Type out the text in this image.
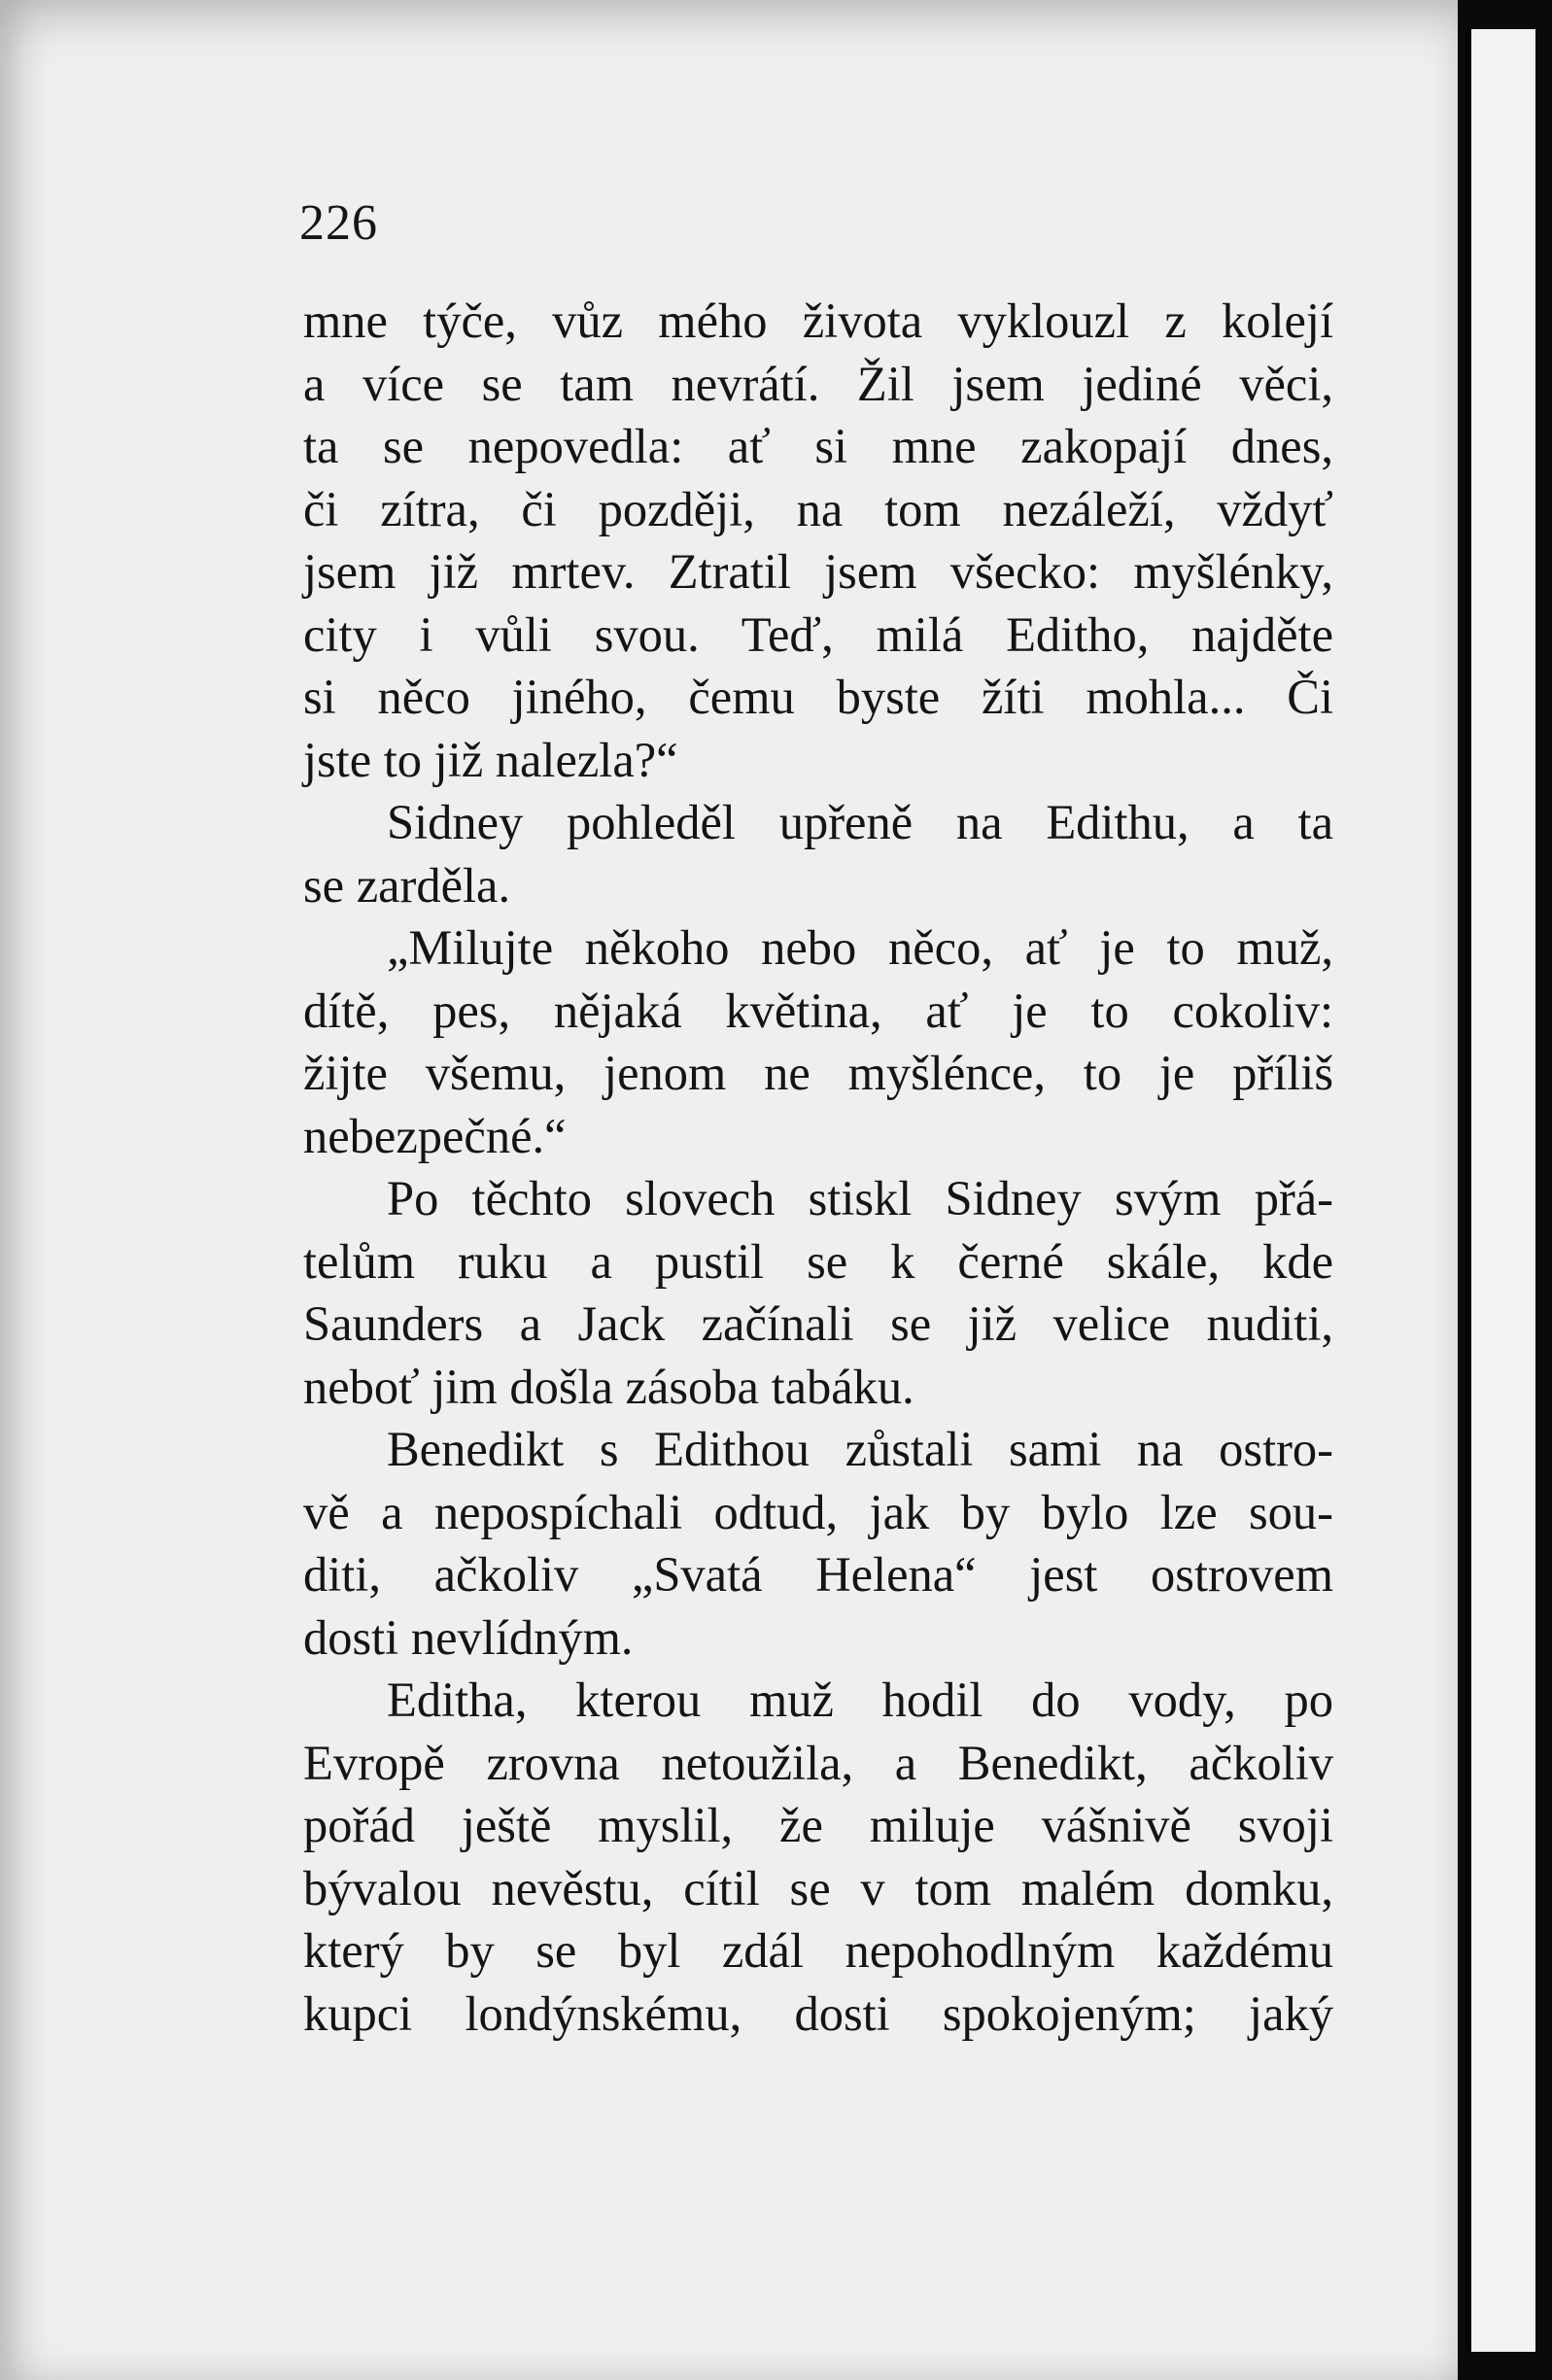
226
mne týče, vůz mého života vyklouzl z kolejí
a více se tam nevrátí. Žil jsem jediné věci,
ta se nepovedla: ať si mne zakopají dnes,
či zítra, či později, na tom nezáleží, vždyť
jsem již mrtev. Ztratil jsem všecko: myšlénky,
city i vůli svou. Teď, milá Editho, najděte
si něco jiného, čemu byste žíti mohla... Či
jste to již nalezla?“
Sidney pohleděl upřeně na Edithu, a ta
se zarděla.
„Milujte někoho nebo něco, ať je to muž,
dítě, pes, nějaká květina, ať je to cokoliv:
žijte všemu, jenom ne myšlénce, to je příliš
nebezpečné.“
Po těchto slovech stiskl Sidney svým přá-
telům ruku a pustil se k černé skále, kde
Saunders a Jack začínali se již velice nuditi,
neboť jim došla zásoba tabáku.
Benedikt s Edithou zůstali sami na ostro-
vě a nepospíchali odtud, jak by bylo lze sou-
diti, ačkoliv „Svatá Helena“ jest ostrovem
dosti nevlídným.
Editha, kterou muž hodil do vody, po
Evropě zrovna netoužila, a Benedikt, ačkoliv
pořád ještě myslil, že miluje vášnivě svoji
bývalou nevěstu, cítil se v tom malém domku,
který by se byl zdál nepohodlným každému
kupci londýnskému, dosti spokojeným; jaký
